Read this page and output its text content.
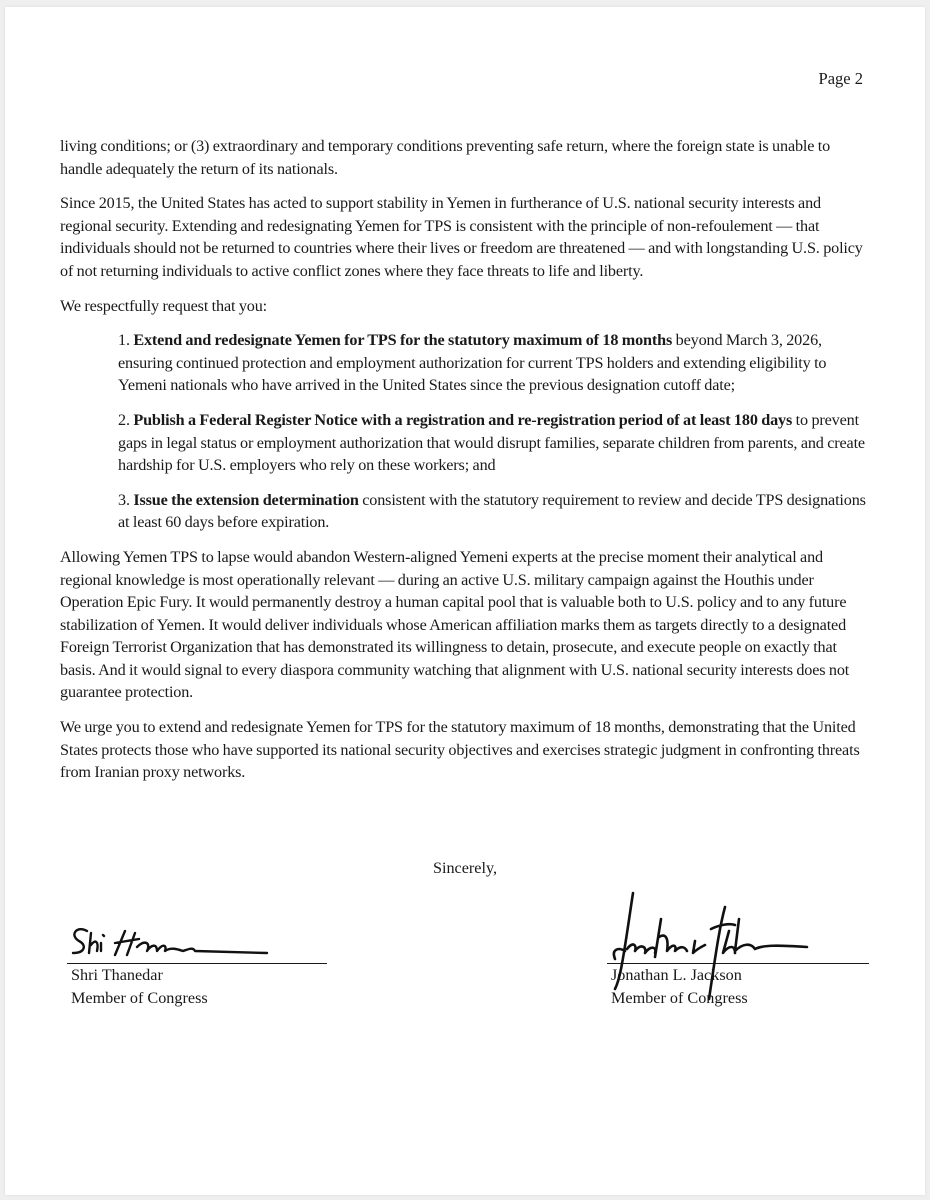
Page 2

living conditions; or (3) extraordinary and temporary conditions preventing safe return, where the foreign state is unable to handle adequately the return of its nationals.

Since 2015, the United States has acted to support stability in Yemen in furtherance of U.S. national security interests and regional security. Extending and redesignating Yemen for TPS is consistent with the principle of non-refoulement — that individuals should not be returned to countries where their lives or freedom are threatened — and with longstanding U.S. policy of not returning individuals to active conflict zones where they face threats to life and liberty.

We respectfully request that you:

1. Extend and redesignate Yemen for TPS for the statutory maximum of 18 months beyond March 3, 2026, ensuring continued protection and employment authorization for current TPS holders and extending eligibility to Yemeni nationals who have arrived in the United States since the previous designation cutoff date;
2. Publish a Federal Register Notice with a registration and re-registration period of at least 180 days to prevent gaps in legal status or employment authorization that would disrupt families, separate children from parents, and create hardship for U.S. employers who rely on these workers; and
3. Issue the extension determination consistent with the statutory requirement to review and decide TPS designations at least 60 days before expiration.

Allowing Yemen TPS to lapse would abandon Western-aligned Yemeni experts at the precise moment their analytical and regional knowledge is most operationally relevant — during an active U.S. military campaign against the Houthis under Operation Epic Fury. It would permanently destroy a human capital pool that is valuable both to U.S. policy and to any future stabilization of Yemen. It would deliver individuals whose American affiliation marks them as targets directly to a designated Foreign Terrorist Organization that has demonstrated its willingness to detain, prosecute, and execute people on exactly that basis. And it would signal to every diaspora community watching that alignment with U.S. national security interests does not guarantee protection.

We urge you to extend and redesignate Yemen for TPS for the statutory maximum of 18 months, demonstrating that the United States protects those who have supported its national security objectives and exercises strategic judgment in confronting threats from Iranian proxy networks.

Sincerely,
Shri Thanedar
Member of Congress
Jonathan L. Jackson
Member of Congress
